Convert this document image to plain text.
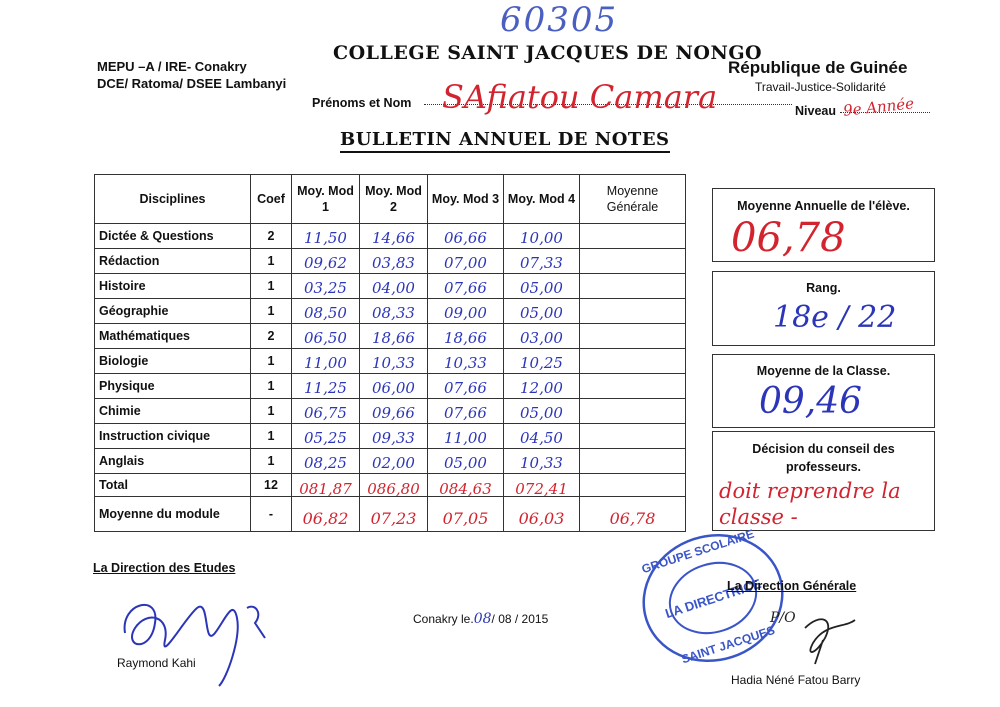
60305
MEPU –A / IRE- Conakry
DCE/ Ratoma/ DSEE Lambanyi
COLLEGE SAINT JACQUES DE NONGO
République de Guinée
Travail-Justice-Solidarité
Prénoms et Nom SAfiatou Camara	Niveau 9e Année
BULLETIN ANNUEL DE NOTES
Disciplines	Coef	Moy. Mod 1	Moy. Mod 2	Moy. Mod 3	Moy. Mod 4	Moyenne Générale
Dictée & Questions	2	11,50	14,66	06,66	10,00	

Rédaction	1	09,62	03,83	07,00	07,33	

Histoire	1	03,25	04,00	07,66	05,00	

Géographie	1	08,50	08,33	09,00	05,00	

Mathématiques	2	06,50	18,66	18,66	03,00	

Biologie	1	11,00	10,33	10,33	10,25	

Physique	1	11,25	06,00	07,66	12,00	

Chimie	1	06,75	09,66	07,66	05,00	

Instruction civique	1	05,25	09,33	11,00	04,50	

Anglais	1	08,25	02,00	05,00	10,33	

Total	12	081,87	086,80	084,63	072,41	

Moyenne du module	-	06,82	07,23	07,05	06,03	06,78
Moyenne Annuelle de l'élève.
06,78
Rang.
18e / 22
Moyenne de la Classe.
09,46
Décision du conseil des professeurs.
doit reprendre la classe -
La Direction des Etudes
Raymond Kahi
Conakry le.08/ 08 / 2015	LA DIRECTRICE
GROUPE SCOLAIRE
SAINT JACQUES
La Direction Générale
P/O
Hadia Néné Fatou Barry
